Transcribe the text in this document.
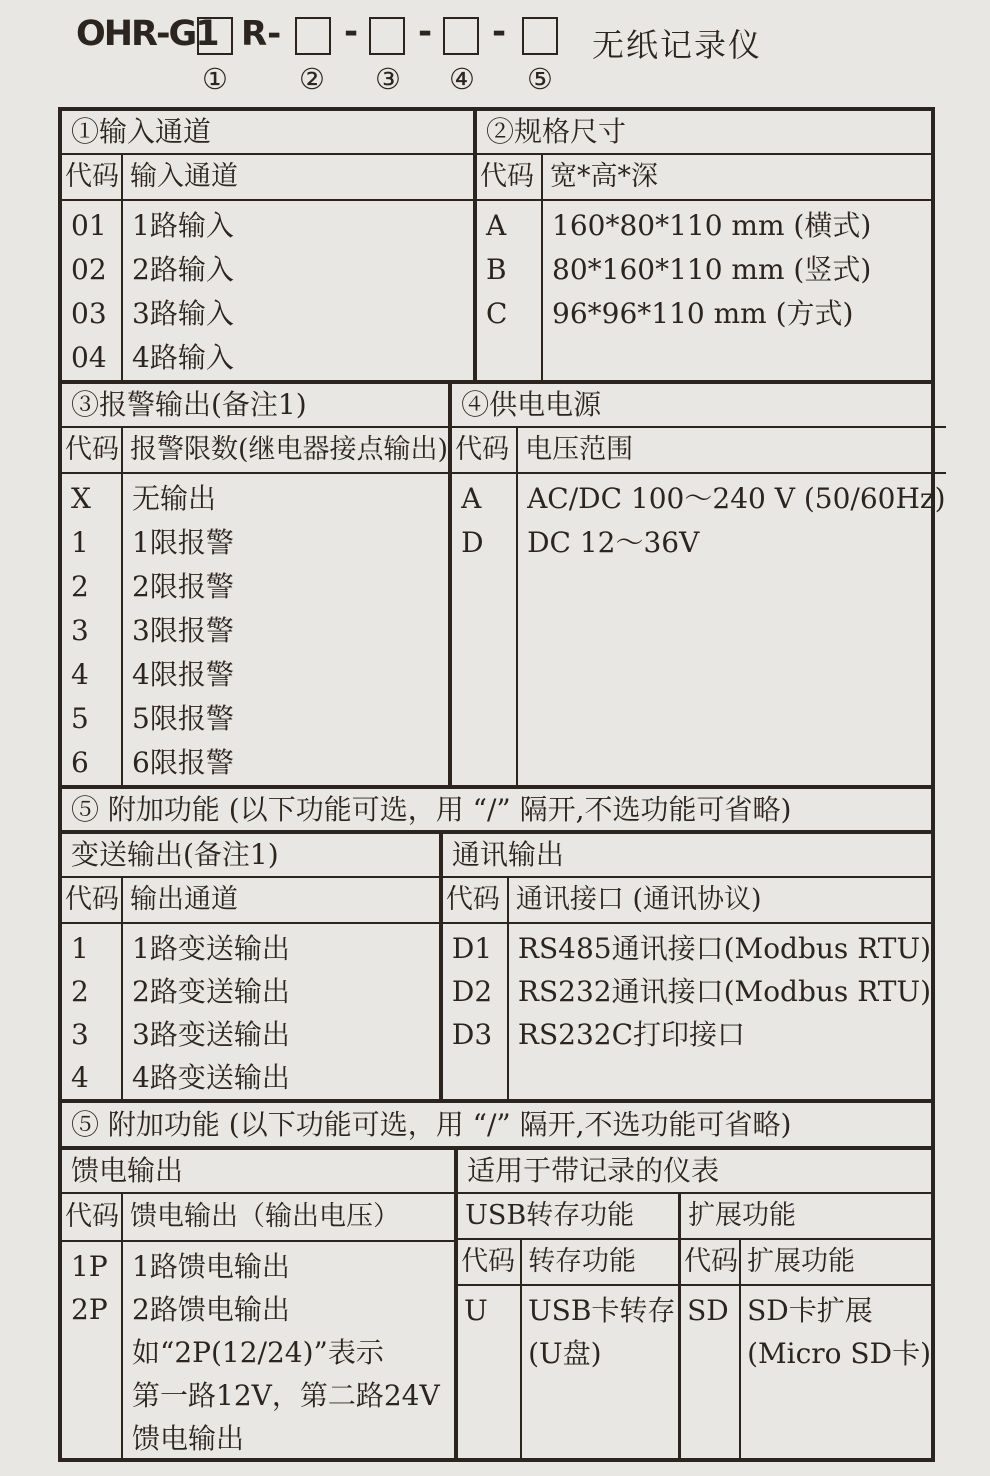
OHR-G1 R- - - -	无纸记录仪
① ② ③ ④ ⑤
①输入通道
代码 输入通道
01
02
03
04
1路输入
2路输入
3路输入
4路输入
②规格尺寸
代码 宽*高*深
A
B
C
160*80*110 mm (横式)
80*160*110 mm (竖式)
96*96*110 mm (方式)
③报警输出(备注1)
代码 报警限数(继电器接点输出)
X
1
2
3
4
5
6
无输出
1限报警
2限报警
3限报警
4限报警
5限报警
6限报警
④供电电源
代码 电压范围
A
D
AC/DC 100～240 V (50/60Hz)
DC 12～36V
⑤ 附加功能 (以下功能可选，用 “/” 隔开,不选功能可省略)
变送输出(备注1)
代码 输出通道
1
2
3
4
1路变送输出
2路变送输出
3路变送输出
4路变送输出
通讯输出
代码 通讯接口 (通讯协议)
D1
D2
D3
RS485通讯接口(Modbus RTU)
RS232通讯接口(Modbus RTU)
RS232C打印接口
⑤ 附加功能 (以下功能可选，用 “/” 隔开,不选功能可省略)
馈电输出
代码 馈电输出（输出电压）
1P
2P
1路馈电输出
2路馈电输出
如“2P(12/24)”表示
第一路12V，第二路24V
馈电输出
适用于带记录的仪表
USB转存功能
代码 转存功能
U	USB卡转存
(U盘)
扩展功能
代码 扩展功能
SD SD卡扩展
(Micro SD卡)
